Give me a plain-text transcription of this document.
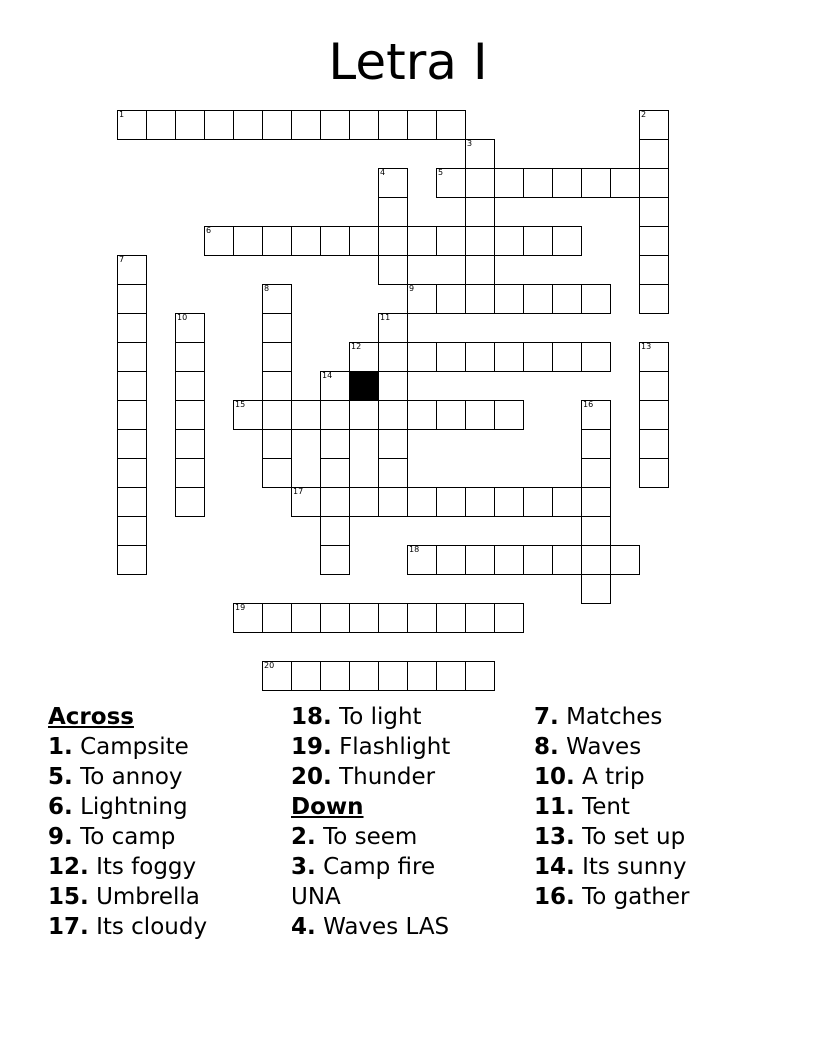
Letra I
1
5
6
9
12
15
17
18
19
20
2
3
4
7
8
10	11
13
14
16
Across
1. Campsite
5. To annoy
6. Lightning
9. To camp
12. Its foggy
15. Umbrella
17. Its cloudy
18. To light
19. Flashlight
20. Thunder
Down
2. To seem
3. Camp fire
UNA
4. Waves LAS
7. Matches
8. Waves
10. A trip
11. Tent
13. To set up
14. Its sunny
16. To gather
